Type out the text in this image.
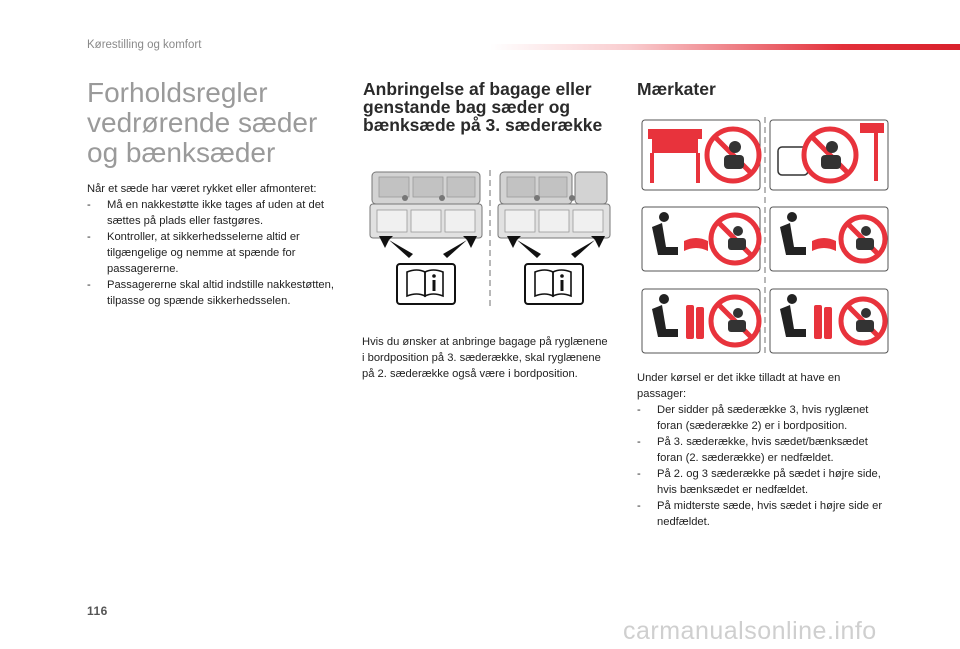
Kørestilling og komfort
Forholdsregler vedrørende sæder og bænksæder

Når et sæde har været rykket eller afmonteret:

- Må en nakkestøtte ikke tages af uden at det sættes på plads eller fastgøres.
- Kontroller, at sikkerhedsselerne altid er tilgængelige og nemme at spænde for passagererne.
- Passagererne skal altid indstille nakkestøtten, tilpasse og spænde sikkerhedsselen.
Anbringelse af bagage eller genstande bag sæder og bænksæde på 3. sæderække
Hvis du ønsker at anbringe bagage på ryglænene i bordposition på 3. sæderække, skal ryglænene på 2. sæderække også være i bordposition.
Mærkater

Under kørsel er det ikke tilladt at have en passager:

- Der sidder på sæderække 3, hvis ryglænet foran (sæderække 2) er i bordposition.
- På 3. sæderække, hvis sædet/bænksædet foran (2. sæderække) er nedfældet.
- På 2. og 3 sæderække på sædet i højre side, hvis bænksædet er nedfældet.
- På midterste sæde, hvis sædet i højre side er nedfældet.
116
carmanualsonline.info
